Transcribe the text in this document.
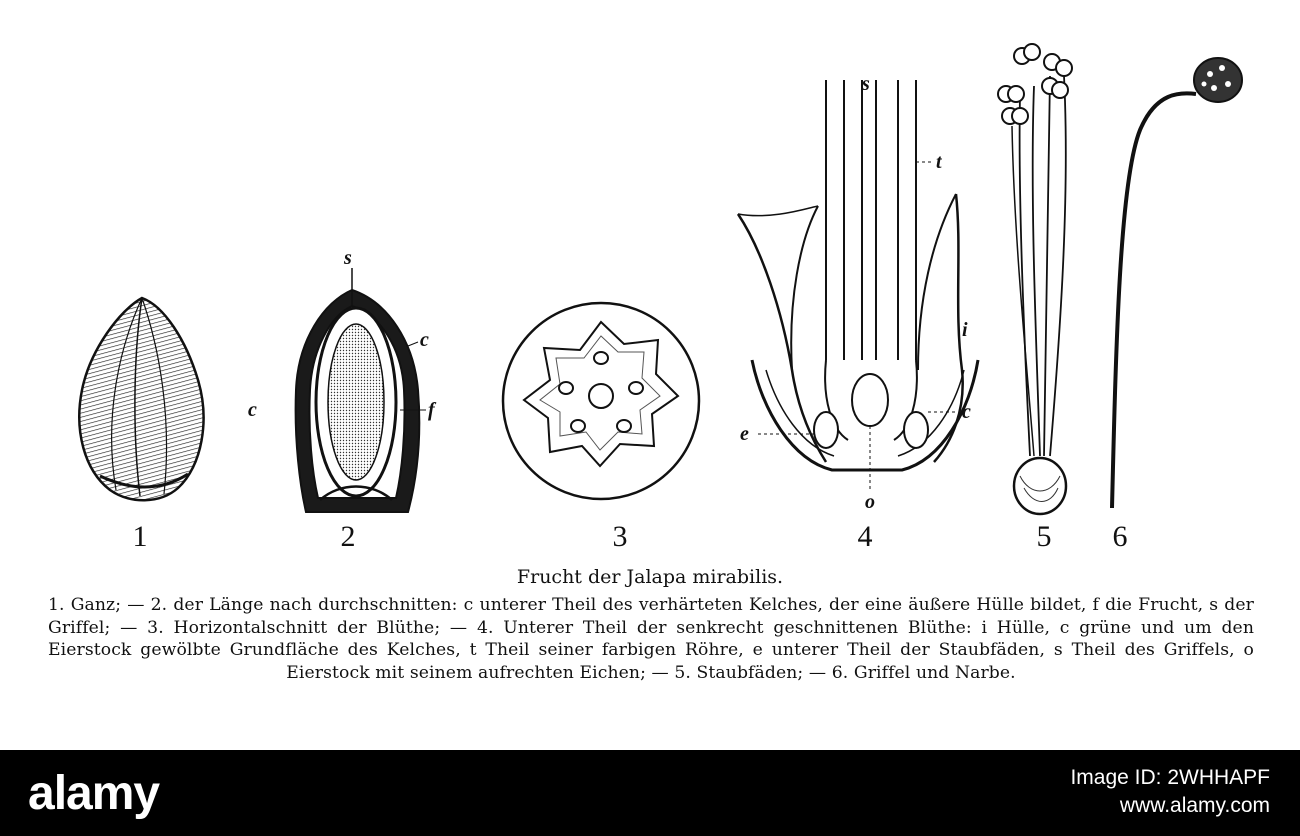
s
c
c	f
s
t
o
e
c
i
1	2	3	4	5	6
Frucht der Jalapa mirabilis.
1. Ganz; — 2. der Länge nach durchschnitten: c unterer Theil des verhärteten Kelches, der eine äußere Hülle bildet, f die Frucht, s der Griffel; — 3. Horizontalschnitt der Blüthe; — 4. Unterer Theil der senkrecht geschnittenen Blüthe: i Hülle, c grüne und um den Eierstock gewölbte Grundfläche des Kelches, t Theil seiner farbigen Röhre, e unterer Theil der Staubfäden, s Theil des Griffels, o Eierstock mit seinem aufrechten Eichen; — 5. Staubfäden; — 6. Griffel und Narbe.
alamy	Image ID: 2WHHAPF
www.alamy.com
